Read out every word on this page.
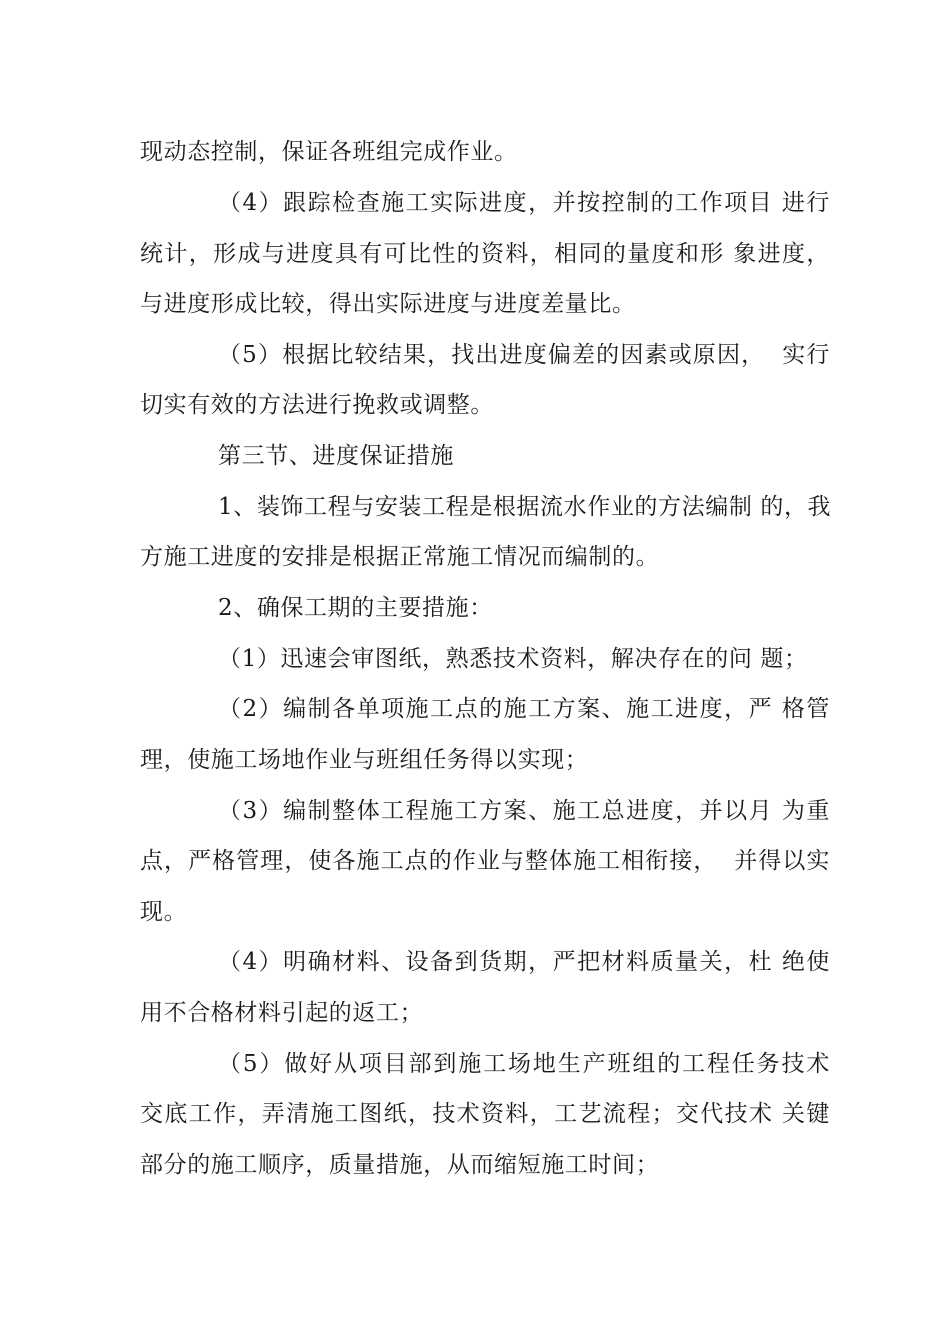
现动态控制，保证各班组完成作业。
（4）跟踪检查施工实际进度，并按控制的工作项目 进行
统计，形成与进度具有可比性的资料，相同的量度和形 象进度，
与进度形成比较，得出实际进度与进度差量比。
（5）根据比较结果，找出进度偏差的因素或原因，  实行
切实有效的方法进行挽救或调整。
第三节、进度保证措施
1、装饰工程与安装工程是根据流水作业的方法编制 的，我
方施工进度的安排是根据正常施工情况而编制的。
2、确保工期的主要措施：
（1）迅速会审图纸，熟悉技术资料，解决存在的问 题；
（2）编制各单项施工点的施工方案、施工进度，严 格管
理，使施工场地作业与班组任务得以实现；
（3）编制整体工程施工方案、施工总进度，并以月 为重
点，严格管理，使各施工点的作业与整体施工相衔接，  并得以实
现。
（4）明确材料、设备到货期，严把材料质量关，杜 绝使
用不合格材料引起的返工；
（5）做好从项目部到施工场地生产班组的工程任务技术
交底工作，弄清施工图纸，技术资料，工艺流程；交代技术 关键
部分的施工顺序，质量措施，从而缩短施工时间；
